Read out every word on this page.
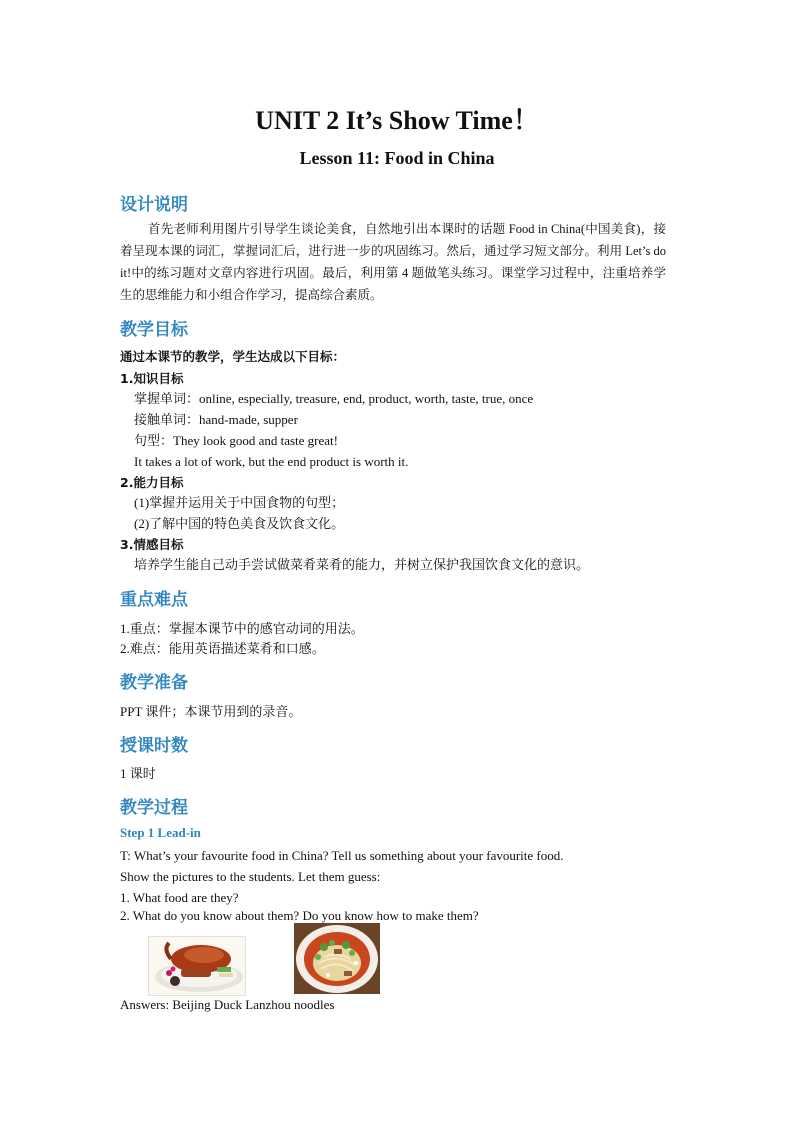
UNIT 2 It’s Show Time！
Lesson 11: Food in China
设计说明
首先老师利用图片引导学生谈论美食，自然地引出本课时的话题 Food in China(中国美食)，接着呈现本课的词汇，掌握词汇后，进行进一步的巩固练习。然后，通过学习短文部分。利用 Let’s do it!中的练习题对文章内容进行巩固。最后，利用第 4 题做笔头练习。课堂学习过程中，注重培养学生的思维能力和小组合作学习，提高综合素质。
教学目标
通过本课节的教学，学生达成以下目标：
1.知识目标
掌握单词：online, especially, treasure, end, product, worth, taste, true, once
接触单词：hand-made, supper
句型：They look good and taste great!
It takes a lot of work, but the end product is worth it.
2.能力目标
(1)掌握并运用关于中国食物的句型；
(2)了解中国的特色美食及饮食文化。
3.情感目标
培养学生能自己动手尝试做菜肴菜肴的能力，并树立保护我国饮食文化的意识。
重点难点
1.重点：掌握本课节中的感官动词的用法。
2.难点：能用英语描述菜肴和口感。
教学准备
PPT 课件；本课节用到的录音。
授课时数
1 课时
教学过程
Step 1 Lead-in
T: What’s your favourite food in China? Tell us something about your favourite food.
Show the pictures to the students. Let them guess:
1. What food are they?
2. What do you know about them? Do you know how to make them?
Answers: Beijing Duck Lanzhou noodles
